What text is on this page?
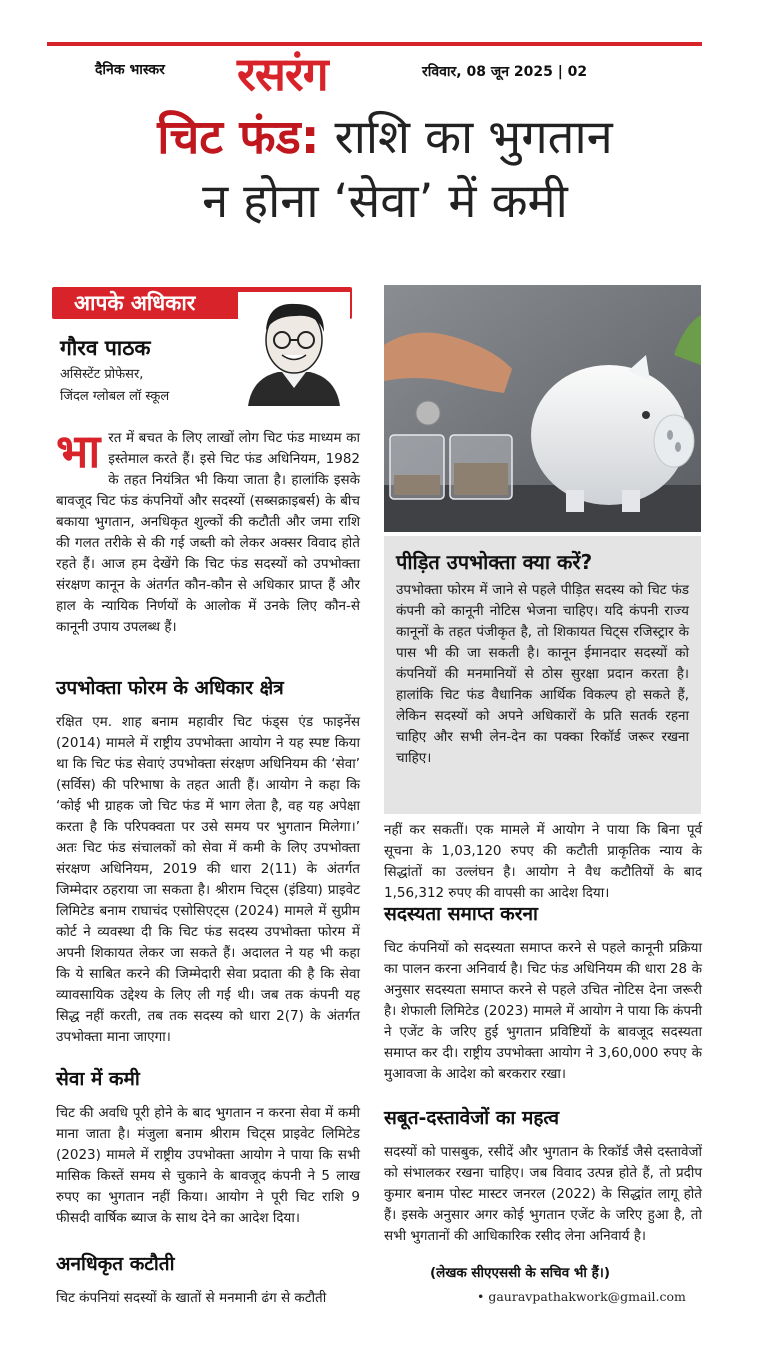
दैनिक भास्कर रसरंग	रविवार, 08 जून 2025 | 02
चिट फंड: राशि का भुगतान
न होना ‘सेवा’ में कमी
आपके अधिकार
गौरव पाठक
असिस्टेंट प्रोफेसर,
जिंदल ग्लोबल लॉ स्कूल
भारत में बचत के लिए लाखों लोग चिट फंड माध्यम का इस्तेमाल करते हैं। इसे चिट फंड अधिनियम, 1982 के तहत नियंत्रित भी किया जाता है। हालांकि इसके बावजूद चिट फंड कंपनियों और सदस्यों (सब्सक्राइबर्स) के बीच बकाया भुगतान, अनधिकृत शुल्कों की कटौती और जमा राशि की गलत तरीके से की गई जब्ती को लेकर अक्सर विवाद होते रहते हैं। आज हम देखेंगे कि चिट फंड सदस्यों को उपभोक्ता संरक्षण कानून के अंतर्गत कौन-कौन से अधिकार प्राप्त हैं और हाल के न्यायिक निर्णयों के आलोक में उनके लिए कौन-से कानूनी उपाय उपलब्ध हैं।
उपभोक्ता फोरम के अधिकार क्षेत्र
रक्षित एम. शाह बनाम महावीर चिट फंड्स एंड फाइनेंस (2014) मामले में राष्ट्रीय उपभोक्ता आयोग ने यह स्पष्ट किया था कि चिट फंड सेवाएं उपभोक्ता संरक्षण अधिनियम की ‘सेवा’ (सर्विस) की परिभाषा के तहत आती हैं। आयोग ने कहा कि ‘कोई भी ग्राहक जो चिट फंड में भाग लेता है, वह यह अपेक्षा करता है कि परिपक्वता पर उसे समय पर भुगतान मिलेगा।’ अतः चिट फंड संचालकों को सेवा में कमी के लिए उपभोक्ता संरक्षण अधिनियम, 2019 की धारा 2(11) के अंतर्गत जिम्मेदार ठहराया जा सकता है। श्रीराम चिट्स (इंडिया) प्राइवेट लिमिटेड बनाम राघाचंद एसोसिएट्स (2024) मामले में सुप्रीम कोर्ट ने व्यवस्था दी कि चिट फंड सदस्य उपभोक्ता फोरम में अपनी शिकायत लेकर जा सकते हैं। अदालत ने यह भी कहा कि ये साबित करने की जिम्मेदारी सेवा प्रदाता की है कि सेवा व्यावसायिक उद्देश्य के लिए ली गई थी। जब तक कंपनी यह सिद्ध नहीं करती, तब तक सदस्य को धारा 2(7) के अंतर्गत उपभोक्ता माना जाएगा।
सेवा में कमी
चिट की अवधि पूरी होने के बाद भुगतान न करना सेवा में कमी माना जाता है। मंजुला बनाम श्रीराम चिट्स प्राइवेट लिमिटेड (2023) मामले में राष्ट्रीय उपभोक्ता आयोग ने पाया कि सभी मासिक किस्तें समय से चुकाने के बावजूद कंपनी ने 5 लाख रुपए का भुगतान नहीं किया। आयोग ने पूरी चिट राशि 9 फीसदी वार्षिक ब्याज के साथ देने का आदेश दिया।
अनधिकृत कटौती
चिट कंपनियां सदस्यों के खातों से मनमानी ढंग से कटौती
पीड़ित उपभोक्ता क्या करें?
उपभोक्ता फोरम में जाने से पहले पीड़ित सदस्य को चिट फंड कंपनी को कानूनी नोटिस भेजना चाहिए। यदि कंपनी राज्य कानूनों के तहत पंजीकृत है, तो शिकायत चिट्स रजिस्ट्रार के पास भी की जा सकती है। कानून ईमानदार सदस्यों को कंपनियों की मनमानियों से ठोस सुरक्षा प्रदान करता है। हालांकि चिट फंड वैधानिक आर्थिक विकल्प हो सकते हैं, लेकिन सदस्यों को अपने अधिकारों के प्रति सतर्क रहना चाहिए और सभी लेन-देन का पक्का रिकॉर्ड जरूर रखना चाहिए।
नहीं कर सकतीं। एक मामले में आयोग ने पाया कि बिना पूर्व सूचना के 1,03,120 रुपए की कटौती प्राकृतिक न्याय के सिद्धांतों का उल्लंघन है। आयोग ने वैध कटौतियों के बाद 1,56,312 रुपए की वापसी का आदेश दिया।
सदस्यता समाप्त करना
चिट कंपनियों को सदस्यता समाप्त करने से पहले कानूनी प्रक्रिया का पालन करना अनिवार्य है। चिट फंड अधिनियम की धारा 28 के अनुसार सदस्यता समाप्त करने से पहले उचित नोटिस देना जरूरी है। शेफाली लिमिटेड (2023) मामले में आयोग ने पाया कि कंपनी ने एजेंट के जरिए हुई भुगतान प्रविष्टियों के बावजूद सदस्यता समाप्त कर दी। राष्ट्रीय उपभोक्ता आयोग ने 3,60,000 रुपए के मुआवजा के आदेश को बरकरार रखा।
सबूत-दस्तावेजों का महत्व
सदस्यों को पासबुक, रसीदें और भुगतान के रिकॉर्ड जैसे दस्तावेजों को संभालकर रखना चाहिए। जब विवाद उत्पन्न होते हैं, तो प्रदीप कुमार बनाम पोस्ट मास्टर जनरल (2022) के सिद्धांत लागू होते हैं। इसके अनुसार अगर कोई भुगतान एजेंट के जरिए हुआ है, तो सभी भुगतानों की आधिकारिक रसीद लेना अनिवार्य है।
(लेखक सीएएससी के सचिव भी हैं।)
• gauravpathakwork@gmail.com
